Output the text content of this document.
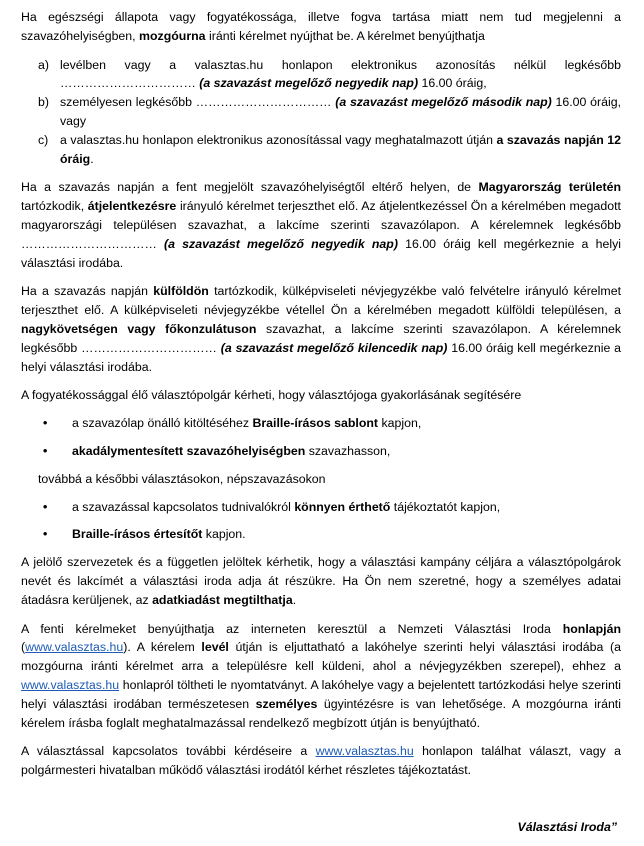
Ha egészségi állapota vagy fogyatékossága, illetve fogva tartása miatt nem tud megjelenni a szavazóhelyiségben, mozgóurna iránti kérelmet nyújthat be. A kérelmet benyújthatja

a) levélben vagy a valasztas.hu honlapon elektronikus azonosítás nélkül legkésőbb …………………………… (a szavazást megelőző negyedik nap) 16.00 óráig,
b) személyesen legkésőbb …………………………… (a szavazást megelőző második nap) 16.00 óráig, vagy
c) a valasztas.hu honlapon elektronikus azonosítással vagy meghatalmazott útján a szavazás napján 12 óráig.

Ha a szavazás napján a fent megjelölt szavazóhelyiségtől eltérő helyen, de Magyarország területén tartózkodik, átjelentkezésre irányuló kérelmet terjeszthet elő. Az átjelentkezéssel Ön a kérelmében megadott magyarországi településen szavazhat, a lakcíme szerinti szavazólapon. A kérelemnek legkésőbb …………………………… (a szavazást megelőző negyedik nap) 16.00 óráig kell megérkeznie a helyi választási irodába.

Ha a szavazás napján külföldön tartózkodik, külképviseleti névjegyzékbe való felvételre irányuló kérelmet terjeszthet elő. A külképviseleti névjegyzékbe vétellel Ön a kérelmében megadott külföldi településen, a nagykövetségen vagy főkonzulátuson szavazhat, a lakcíme szerinti szavazólapon. A kérelemnek legkésőbb …………………………… (a szavazást megelőző kilencedik nap) 16.00 óráig kell megérkeznie a helyi választási irodába.

A fogyatékossággal élő választópolgár kérheti, hogy választójoga gyakorlásának segítésére

• a szavazólap önálló kitöltéséhez Braille-írásos sablont kapjon,
• akadálymentesített szavazóhelyiségben szavazhasson,
továbbá a későbbi választásokon, népszavazásokon
• a szavazással kapcsolatos tudnivalókról könnyen érthető tájékoztatót kapjon,
• Braille-írásos értesítőt kapjon.

A jelölő szervezetek és a független jelöltek kérhetik, hogy a választási kampány céljára a választópolgárok nevét és lakcímét a választási iroda adja át részükre. Ha Ön nem szeretné, hogy a személyes adatai átadásra kerüljenek, az adatkiadást megtilthatja.

A fenti kérelmeket benyújthatja az interneten keresztül a Nemzeti Választási Iroda honlapján (www.valasztas.hu). A kérelem levél útján is eljuttatható a lakóhelye szerinti helyi választási irodába (a mozgóurna iránti kérelmet arra a településre kell küldeni, ahol a névjegyzékben szerepel), ehhez a www.valasztas.hu honlapról töltheti le nyomtatványt. A lakóhelye vagy a bejelentett tartózkodási helye szerinti helyi választási irodában természetesen személyes ügyintézésre is van lehetősége. A mozgóurna iránti kérelem írásba foglalt meghatalmazással rendelkező megbízott útján is benyújtható.

A választással kapcsolatos további kérdéseire a www.valasztas.hu honlapon találhat választ, vagy a polgármesteri hivatalban működő választási irodától kérhet részletes tájékoztatást.

Választási Iroda”
